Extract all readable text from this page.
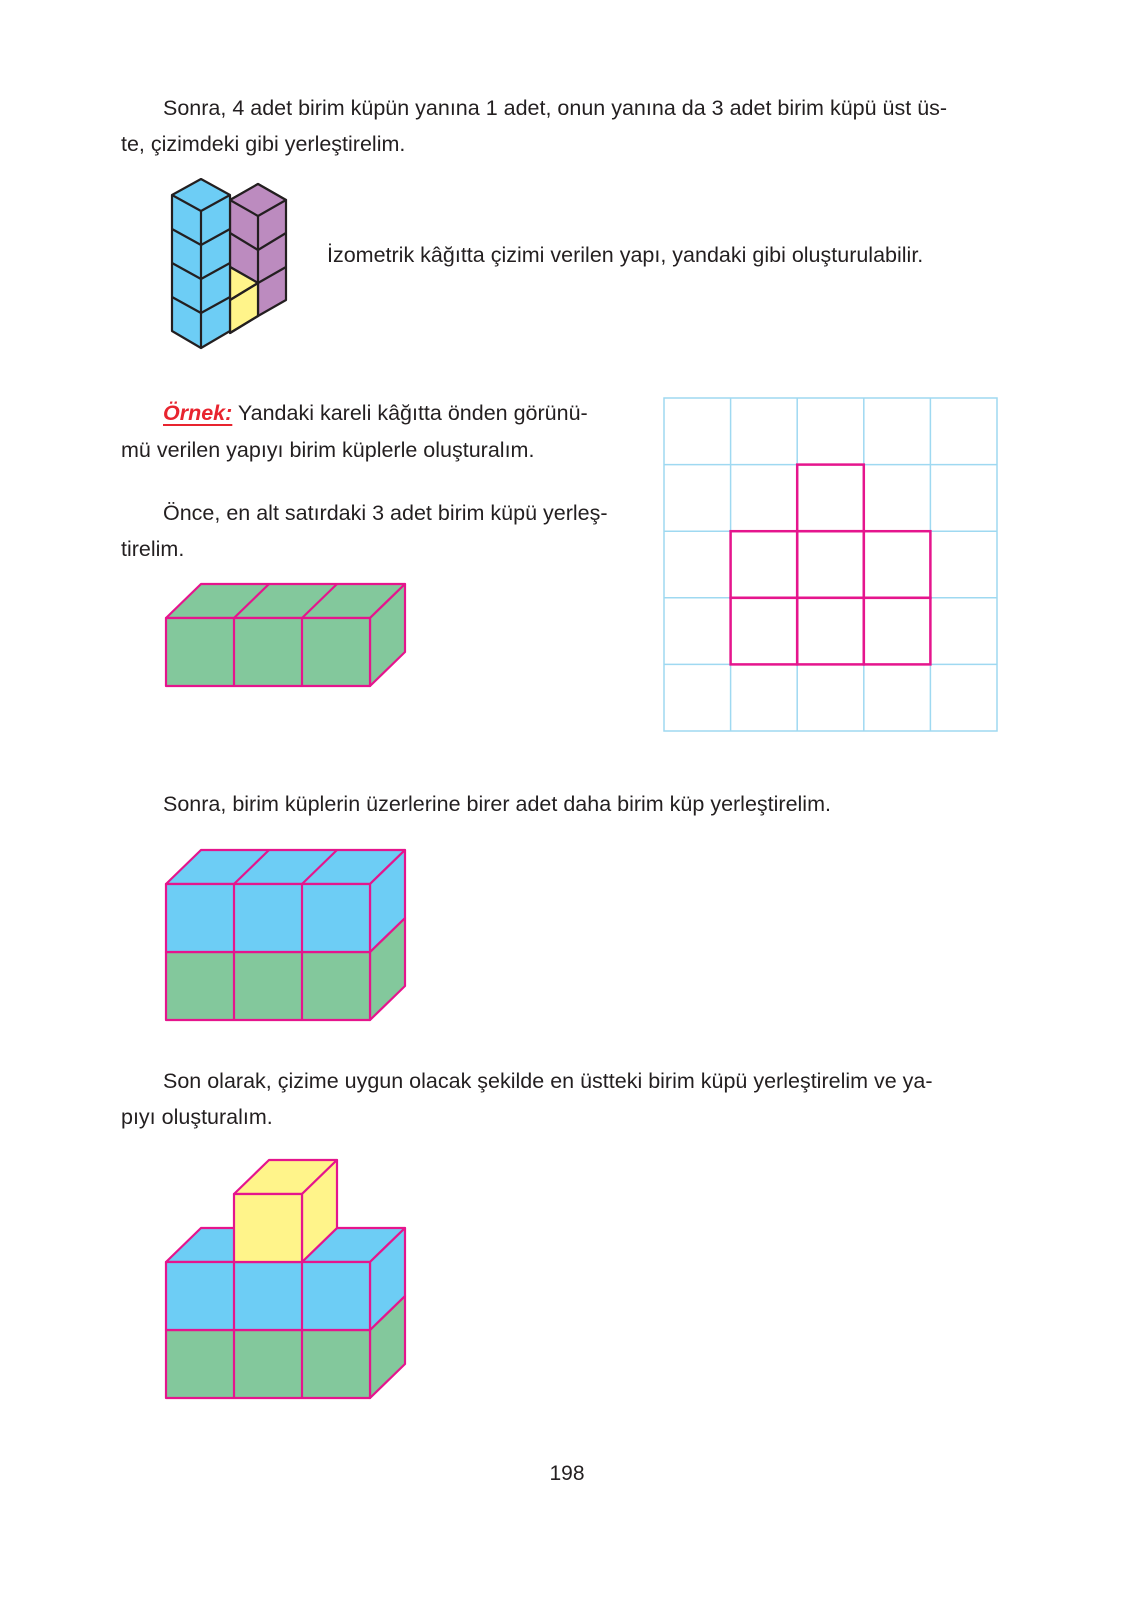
Sonra, 4 adet birim küpün yanına 1 adet, onun yanına da 3 adet birim küpü üst üs-

te, çizimdeki gibi yerleştirelim.

İzometrik kâğıtta çizimi verilen yapı, yandaki gibi oluşturulabilir.

Örnek: Yandaki kareli kâğıtta önden görünü-

mü verilen yapıyı birim küplerle oluşturalım.

Önce, en alt satırdaki 3 adet birim küpü yerleş-

tirelim.

Sonra, birim küplerin üzerlerine birer adet daha birim küp yerleştirelim.

Son olarak, çizime uygun olacak şekilde en üstteki birim küpü yerleştirelim ve ya-

pıyı oluşturalım.

198
